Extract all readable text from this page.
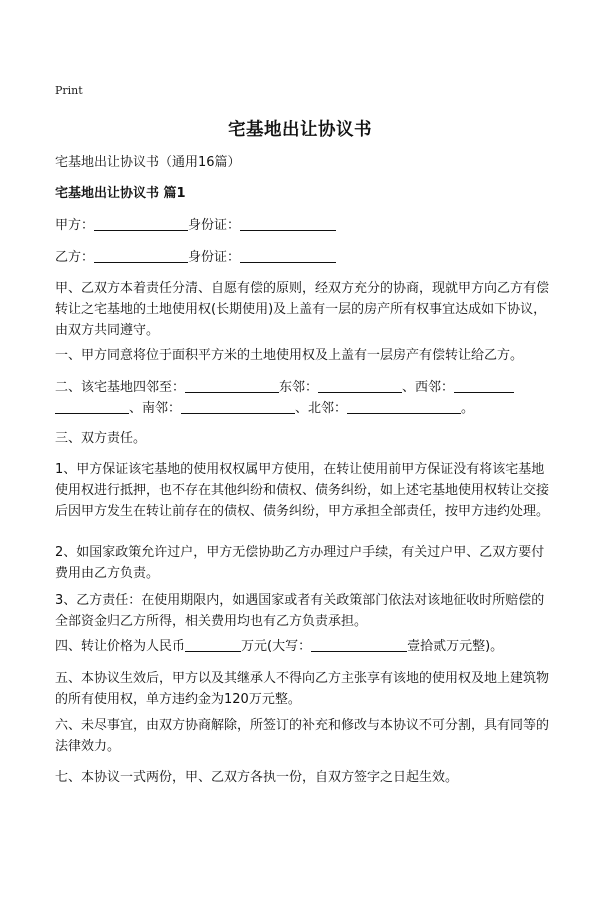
Print
宅基地出让协议书
宅基地出让协议书（通用16篇）
宅基地出让协议书 篇1
甲方：	身份证：
乙方：	身份证：
甲、乙双方本着责任分清、自愿有偿的原则，经双方充分的协商，现就甲方向乙方有偿转让之宅基地的土地使用权(长期使用)及上盖有一层的房产所有权事宜达成如下协议，由双方共同遵守。
一、甲方同意将位于面积平方米的土地使用权及上盖有一层房产有偿转让给乙方。
二、该宅基地四邻至：	东邻：	、西邻：
、南邻：	、北邻：	。
三、双方责任。
1、甲方保证该宅基地的使用权权属甲方使用，在转让使用前甲方保证没有将该宅基地使用权进行抵押，也不存在其他纠纷和债权、债务纠纷，如上述宅基地使用权转让交接后因甲方发生在转让前存在的债权、债务纠纷，甲方承担全部责任，按甲方违约处理。
2、如国家政策允许过户，甲方无偿协助乙方办理过户手续，有关过户甲、乙双方要付费用由乙方负责。
3、乙方责任：在使用期限内，如遇国家或者有关政策部门依法对该地征收时所赔偿的全部资金归乙方所得，相关费用均也有乙方负责承担。
四、转让价格为人民币	万元(大写：	壹拾贰万元整)。
五、本协议生效后，甲方以及其继承人不得向乙方主张享有该地的使用权及地上建筑物的所有使用权，单方违约金为120万元整。
六、未尽事宜，由双方协商解除，所签订的补充和修改与本协议不可分割，具有同等的法律效力。
七、本协议一式两份，甲、乙双方各执一份，自双方签字之日起生效。
